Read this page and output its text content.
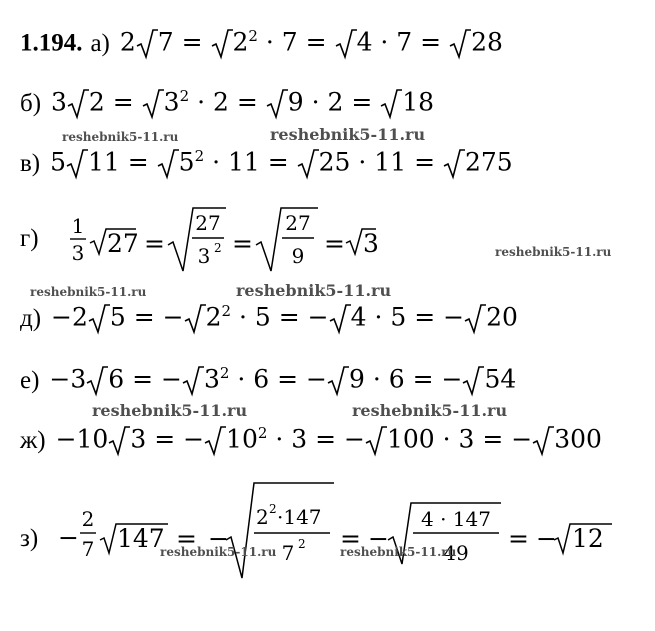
1.194. а) 2 $7 = 2^2 \cdot 7 = 4 \cdot 7 = 28$
б) 3 $2 = 3^2 \cdot 2 = 9 \cdot 2 = 18$
в) 5 $11 = 5^2 \cdot 11 = 25 \cdot 11 = 275$
г) 1
3 27 =
27
3 2 =
27
9 = 3
д) −2 5 = − $2^2 \cdot 5$ = − 4 · 5 = − 20
е) −3 6 = − $3^2 \cdot 6$ = − 9 · 6 = − 54
ж) −10 3 = − $10^2 \cdot 3$ = − 100 · 3 = − 300
з) −
2
7 147 = −
2 2 ·147
7 2 = −
4 · 147
49 = − 12
reshebnik5-11.ru	reshebnik5-11.ru
reshebnik5-11.ru
reshebnik5-11.ru	reshebnik5-11.ru
reshebnik5-11.ru	reshebnik5-11.ru
reshebnik5-11.ru	reshebnik5-11.ru
